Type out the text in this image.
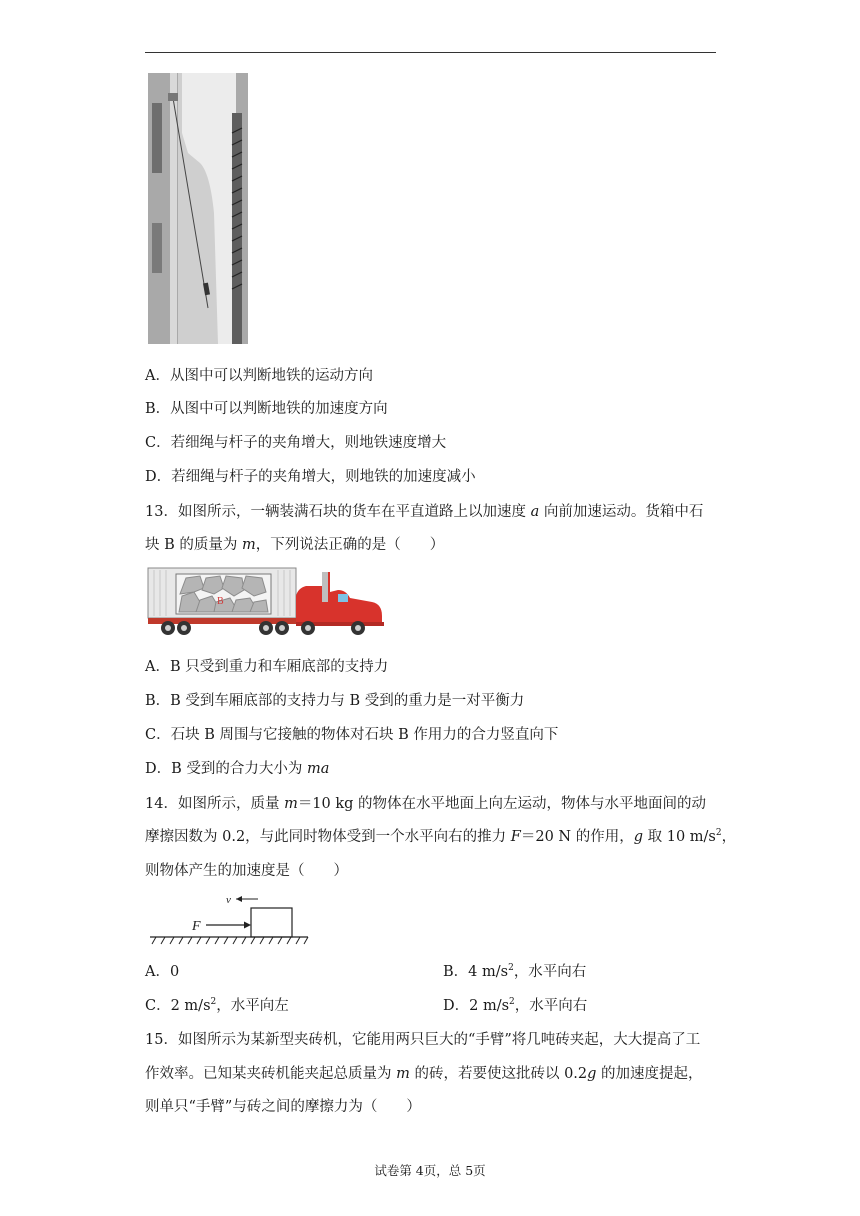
A．从图中可以判断地铁的运动方向
B．从图中可以判断地铁的加速度方向
C．若细绳与杆子的夹角增大，则地铁速度增大
D．若细绳与杆子的夹角增大，则地铁的加速度减小
13．如图所示，一辆装满石块的货车在平直道路上以加速度 a 向前加速运动。货箱中石
块 B 的质量为 m，下列说法正确的是（　　）
B
A．B 只受到重力和车厢底部的支持力
B．B 受到车厢底部的支持力与 B 受到的重力是一对平衡力
C．石块 B 周围与它接触的物体对石块 B 作用力的合力竖直向下
D．B 受到的合力大小为 ma
14．如图所示，质量 m＝10 kg 的物体在水平地面上向左运动，物体与水平地面间的动
摩擦因数为 0.2，与此同时物体受到一个水平向右的推力 F＝20 N 的作用，g 取 10 $m/s^2$，
则物体产生的加速度是（　　）
v
F
A．0	B．4 $m/s^2$，水平向右
C．2 $m/s^2$，水平向左	D．2 $m/s^2$，水平向右
15．如图所示为某新型夹砖机，它能用两只巨大的“手臂”将几吨砖夹起，大大提高了工
作效率。已知某夹砖机能夹起总质量为 m 的砖，若要使这批砖以 0.2g 的加速度提起，
则单只“手臂”与砖之间的摩擦力为（　　）
试卷第 4页，总 5页
